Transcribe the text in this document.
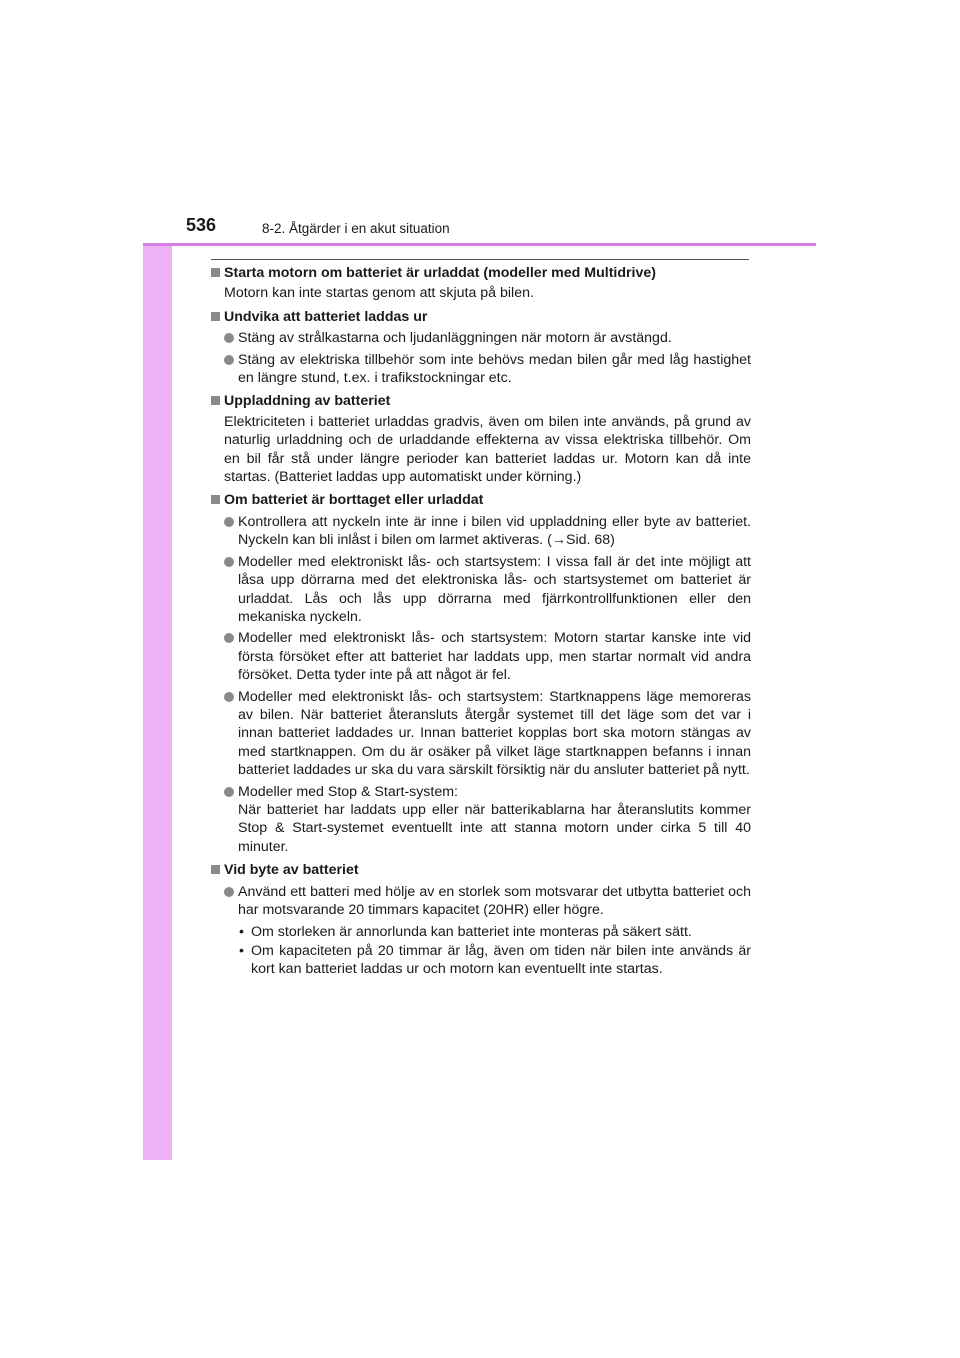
536	8-2. Åtgärder i en akut situation
Starta motorn om batteriet är urladdat (modeller med Multidrive)
Motorn kan inte startas genom att skjuta på bilen.
Undvika att batteriet laddas ur
Stäng av strålkastarna och ljudanläggningen när motorn är avstängd.
Stäng av elektriska tillbehör som inte behövs medan bilen går med låg hastighet en längre stund, t.ex. i trafikstockningar etc.
Uppladdning av batteriet
Elektriciteten i batteriet urladdas gradvis, även om bilen inte används, på grund av naturlig urladdning och de urladdande effekterna av vissa elektriska tillbehör. Om en bil får stå under längre perioder kan batteriet laddas ur. Motorn kan då inte startas. (Batteriet laddas upp automatiskt under körning.)
Om batteriet är borttaget eller urladdat
Kontrollera att nyckeln inte är inne i bilen vid uppladdning eller byte av batteriet. Nyckeln kan bli inlåst i bilen om larmet aktiveras. (→Sid. 68)
Modeller med elektroniskt lås- och startsystem: I vissa fall är det inte möjligt att låsa upp dörrarna med det elektroniska lås- och startsystemet om batteriet är urladdat. Lås och lås upp dörrarna med fjärrkontrollfunktionen eller den mekaniska nyckeln.
Modeller med elektroniskt lås- och startsystem: Motorn startar kanske inte vid första försöket efter att batteriet har laddats upp, men startar normalt vid andra försöket. Detta tyder inte på att något är fel.
Modeller med elektroniskt lås- och startsystem: Startknappens läge memoreras av bilen. När batteriet återansluts återgår systemet till det läge som det var i innan batteriet laddades ur. Innan batteriet kopplas bort ska motorn stängas av med startknappen. Om du är osäker på vilket läge startknappen befanns i innan batteriet laddades ur ska du vara särskilt försiktig när du ansluter batteriet på nytt.
Modeller med Stop & Start-system:
När batteriet har laddats upp eller när batterikablarna har återanslutits kommer Stop & Start-systemet eventuellt inte att stanna motorn under cirka 5 till 40 minuter.
Vid byte av batteriet
Använd ett batteri med hölje av en storlek som motsvarar det utbytta batteriet och har motsvarande 20 timmars kapacitet (20HR) eller högre.
• Om storleken är annorlunda kan batteriet inte monteras på säkert sätt.
• Om kapaciteten på 20 timmar är låg, även om tiden när bilen inte används är kort kan batteriet laddas ur och motorn kan eventuellt inte startas.
